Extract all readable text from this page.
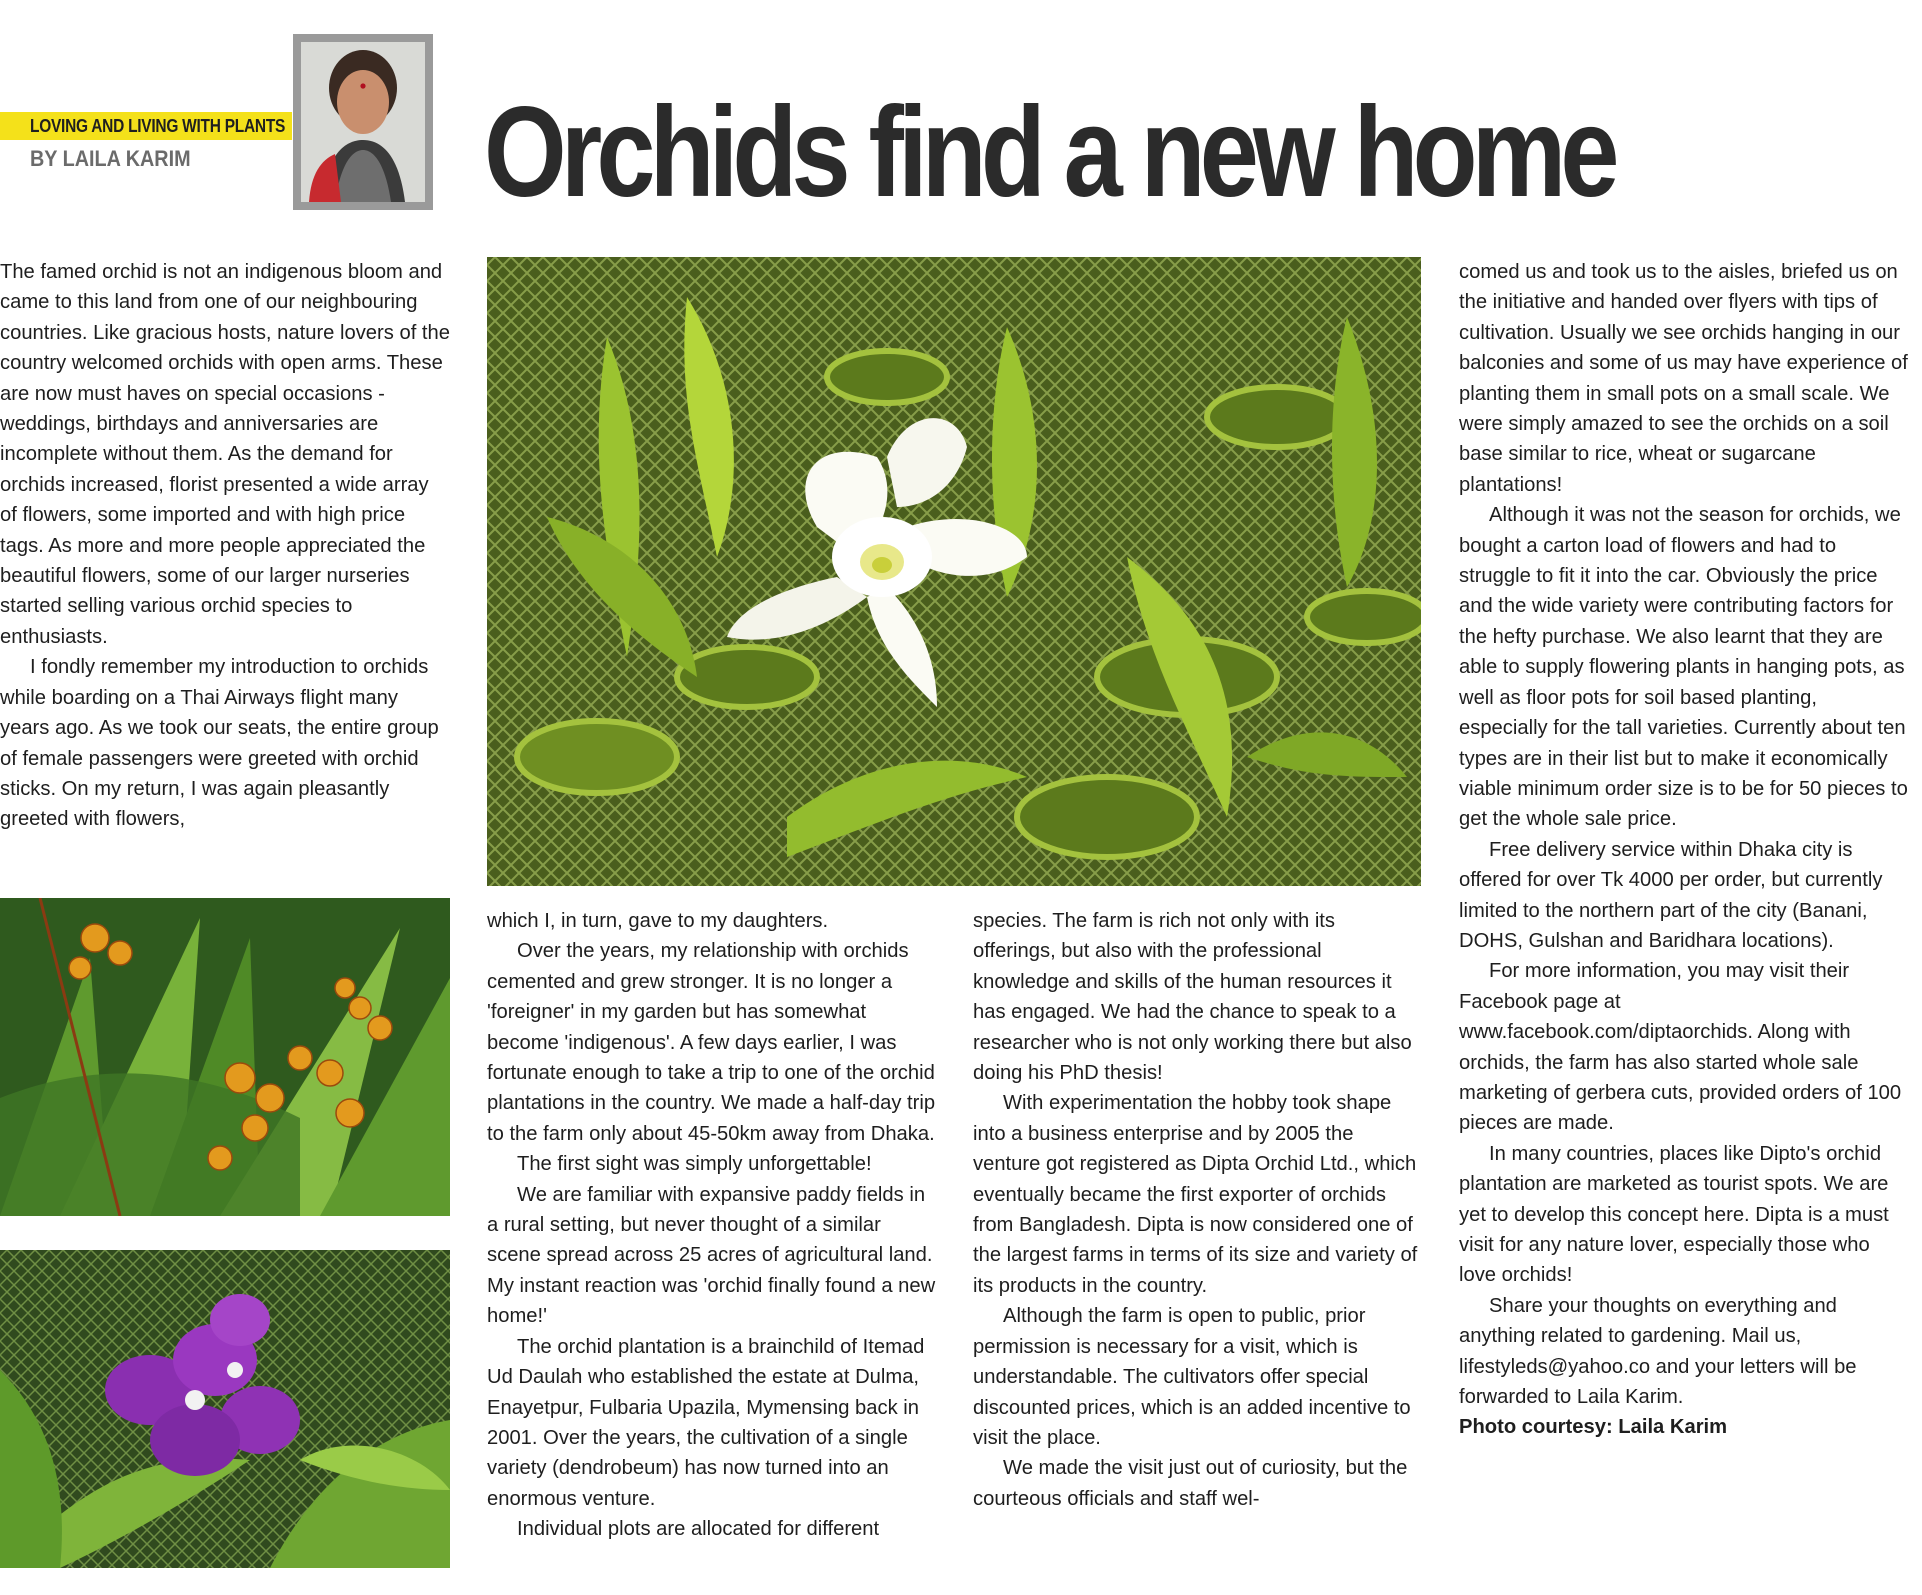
LOVING AND LIVING WITH PLANTS
BY LAILA KARIM Orchids find a new home

The famed orchid is not an indigenous bloom and came to this land from one of our neighbouring countries. Like gracious hosts, nature lovers of the country welcomed orchids with open arms. These are now must haves on special occasions - weddings, birthdays and anniversaries are incomplete without them. As the demand for orchids increased, florist presented a wide array of flowers, some imported and with high price tags. As more and more people appreciated the beautiful flowers, some of our larger nurseries started selling various orchid species to enthusiasts.

I fondly remember my introduction to orchids while boarding on a Thai Airways flight many years ago. As we took our seats, the entire group of female passengers were greeted with orchid sticks. On my return, I was again pleasantly greeted with flowers,

which I, in turn, gave to my daughters.

Over the years, my relationship with orchids cemented and grew stronger. It is no longer a 'foreigner' in my garden but has somewhat become 'indigenous'. A few days earlier, I was fortunate enough to take a trip to one of the orchid plantations in the country. We made a half-day trip to the farm only about 45-50km away from Dhaka.

The first sight was simply unforgettable!

We are familiar with expansive paddy fields in a rural setting, but never thought of a similar scene spread across 25 acres of agricultural land. My instant reaction was 'orchid finally found a new home!'

The orchid plantation is a brainchild of Itemad Ud Daulah who established the estate at Dulma, Enayetpur, Fulbaria Upazila, Mymensing back in 2001. Over the years, the cultivation of a single variety (dendrobeum) has now turned into an enormous venture.

Individual plots are allocated for different

species. The farm is rich not only with its offerings, but also with the professional knowledge and skills of the human resources it has engaged. We had the chance to speak to a researcher who is not only working there but also doing his PhD thesis!

With experimentation the hobby took shape into a business enterprise and by 2005 the venture got registered as Dipta Orchid Ltd., which eventually became the first exporter of orchids from Bangladesh. Dipta is now considered one of the largest farms in terms of its size and variety of its products in the country.

Although the farm is open to public, prior permission is necessary for a visit, which is understandable. The cultivators offer special discounted prices, which is an added incentive to visit the place.

We made the visit just out of curiosity, but the courteous officials and staff wel-

comed us and took us to the aisles, briefed us on the initiative and handed over flyers with tips of cultivation. Usually we see orchids hanging in our balconies and some of us may have experience of planting them in small pots on a small scale. We were simply amazed to see the orchids on a soil base similar to rice, wheat or sugarcane plantations!

Although it was not the season for orchids, we bought a carton load of flowers and had to struggle to fit it into the car. Obviously the price and the wide variety were contributing factors for the hefty purchase. We also learnt that they are able to supply flowering plants in hanging pots, as well as floor pots for soil based planting, especially for the tall varieties. Currently about ten types are in their list but to make it economically viable minimum order size is to be for 50 pieces to get the whole sale price.

Free delivery service within Dhaka city is offered for over Tk 4000 per order, but currently limited to the northern part of the city (Banani, DOHS, Gulshan and Baridhara locations).

For more information, you may visit their Facebook page at www.facebook.com/diptaorchids. Along with orchids, the farm has also started whole sale marketing of gerbera cuts, provided orders of 100 pieces are made.

In many countries, places like Dipto's orchid plantation are marketed as tourist spots. We are yet to develop this concept here. Dipta is a must visit for any nature lover, especially those who love orchids!

Share your thoughts on everything and anything related to gardening. Mail us, lifestyleds@yahoo.co and your letters will be forwarded to Laila Karim.

Photo courtesy: Laila Karim
